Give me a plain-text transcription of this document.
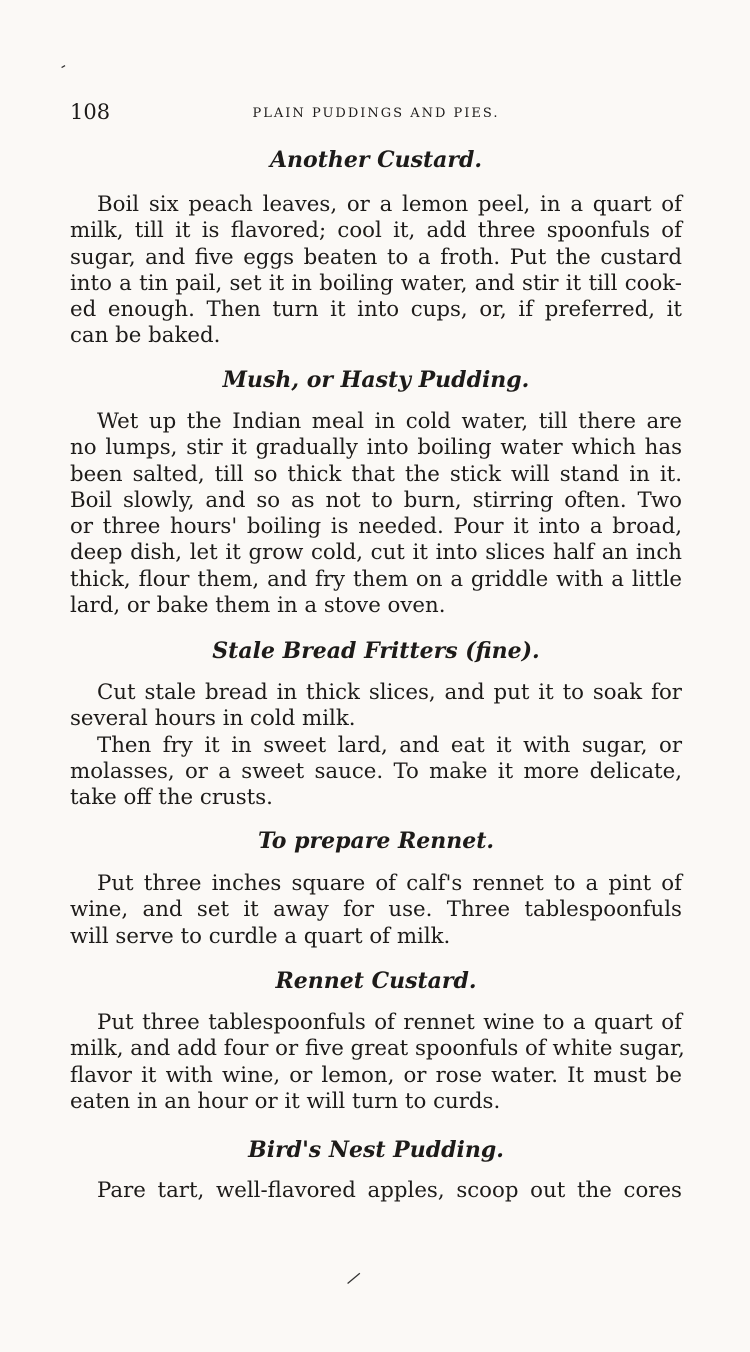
108	PLAIN PUDDINGS AND PIES.
Another Custard.
Boil six peach leaves, or a lemon peel, in a quart of
milk, till it is flavored; cool it, add three spoonfuls of
sugar, and five eggs beaten to a froth. Put the custard
into a tin pail, set it in boiling water, and stir it till cook-
ed enough. Then turn it into cups, or, if preferred, it
can be baked.
Mush, or Hasty Pudding.
Wet up the Indian meal in cold water, till there are
no lumps, stir it gradually into boiling water which has
been salted, till so thick that the stick will stand in it.
Boil slowly, and so as not to burn, stirring often. Two
or three hours' boiling is needed. Pour it into a broad,
deep dish, let it grow cold, cut it into slices half an inch
thick, flour them, and fry them on a griddle with a little
lard, or bake them in a stove oven.
Stale Bread Fritters (fine).
Cut stale bread in thick slices, and put it to soak for
several hours in cold milk.
Then fry it in sweet lard, and eat it with sugar, or
molasses, or a sweet sauce. To make it more delicate,
take off the crusts.
To prepare Rennet.
Put three inches square of calf's rennet to a pint of
wine, and set it away for use. Three tablespoonfuls
will serve to curdle a quart of milk.
Rennet Custard.
Put three tablespoonfuls of rennet wine to a quart of
milk, and add four or five great spoonfuls of white sugar,
flavor it with wine, or lemon, or rose water. It must be
eaten in an hour or it will turn to curds.
Bird's Nest Pudding.
Pare tart, well-flavored apples, scoop out the cores
-
|
